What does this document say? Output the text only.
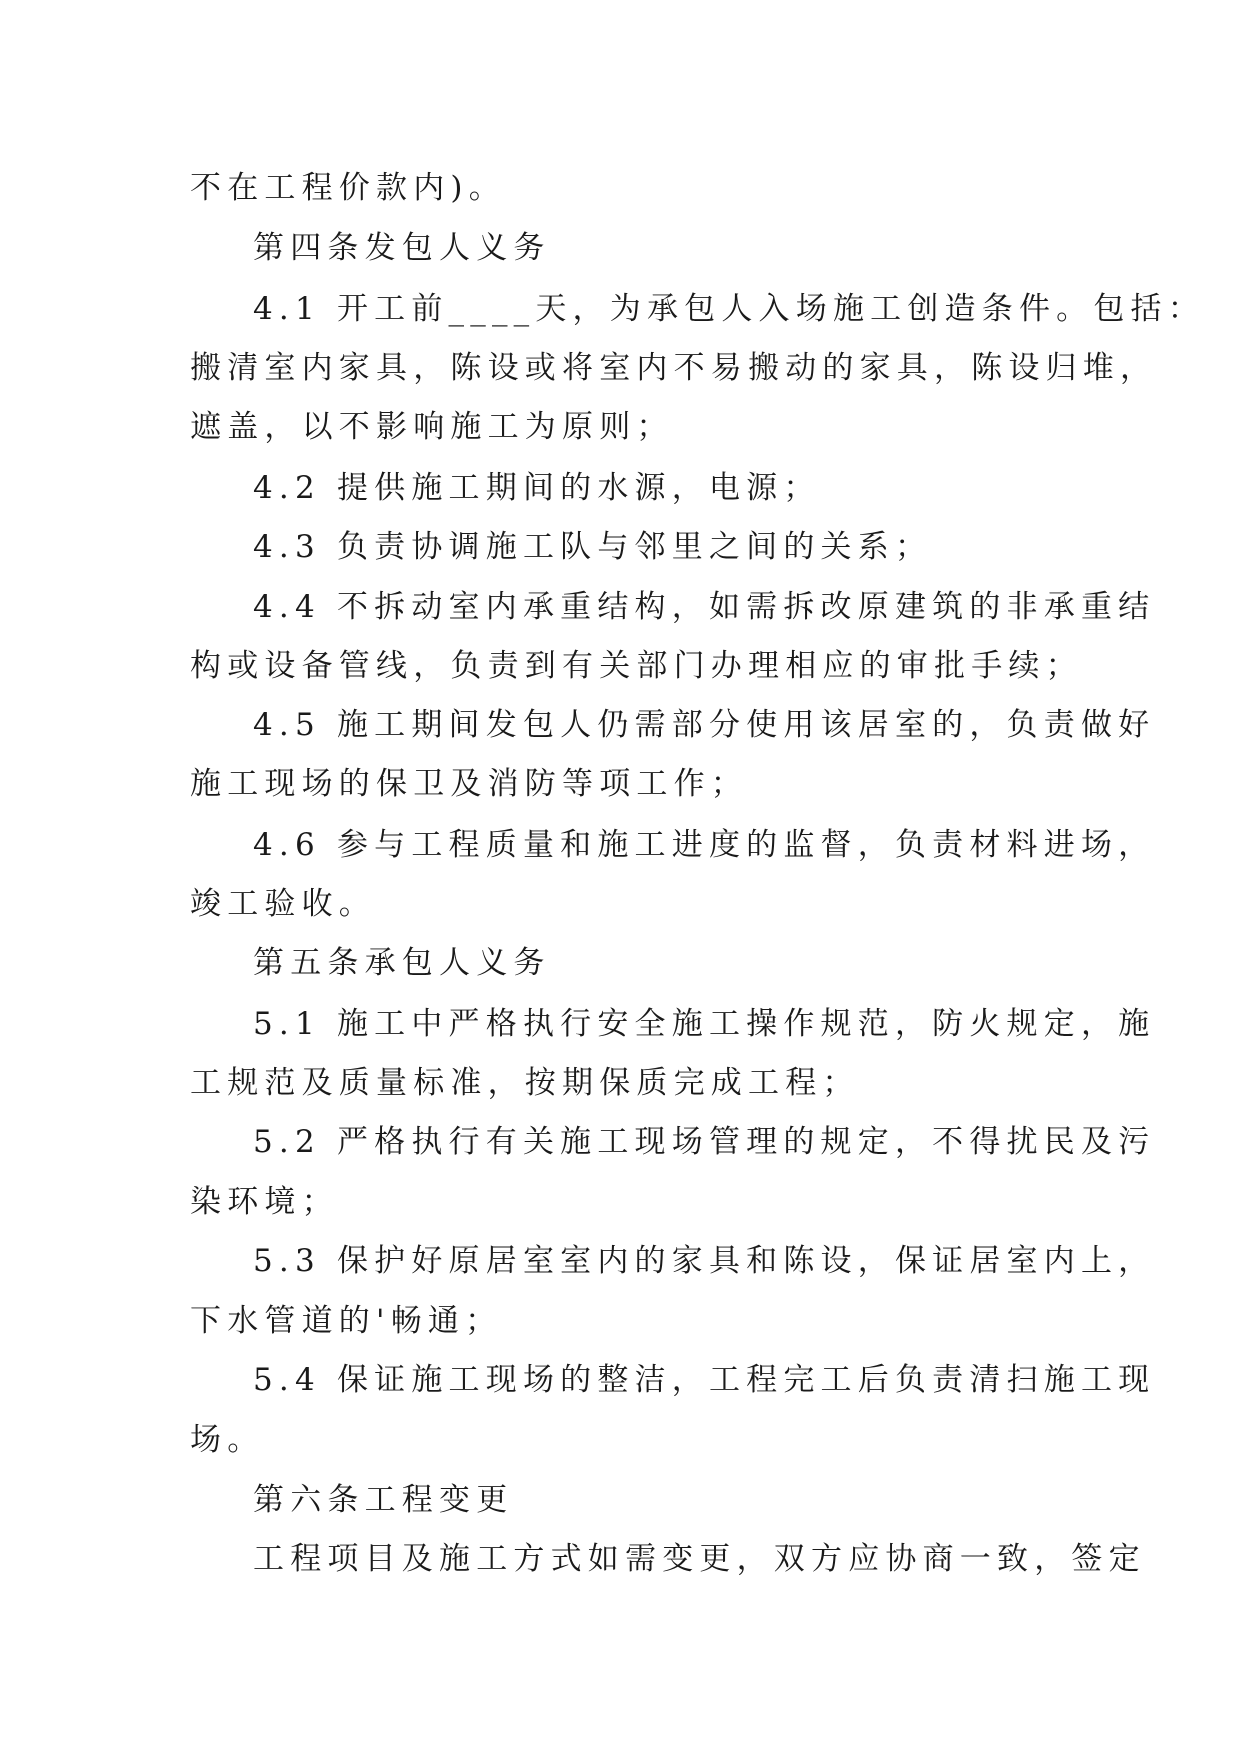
不在工程价款内)。
第四条发包人义务
4.1 开工前____天，为承包人入场施工创造条件。包括：
搬清室内家具，陈设或将室内不易搬动的家具，陈设归堆，
遮盖，以不影响施工为原则；
4.2 提供施工期间的水源，电源；
4.3 负责协调施工队与邻里之间的关系；
4.4 不拆动室内承重结构，如需拆改原建筑的非承重结
构或设备管线，负责到有关部门办理相应的审批手续；
4.5 施工期间发包人仍需部分使用该居室的，负责做好
施工现场的保卫及消防等项工作；
4.6 参与工程质量和施工进度的监督，负责材料进场，
竣工验收。
第五条承包人义务
5.1 施工中严格执行安全施工操作规范，防火规定，施
工规范及质量标准，按期保质完成工程；
5.2 严格执行有关施工现场管理的规定，不得扰民及污
染环境；
5.3 保护好原居室室内的家具和陈设，保证居室内上，
下水管道的'畅通；
5.4 保证施工现场的整洁，工程完工后负责清扫施工现
场。
第六条工程变更
工程项目及施工方式如需变更，双方应协商一致，签定
